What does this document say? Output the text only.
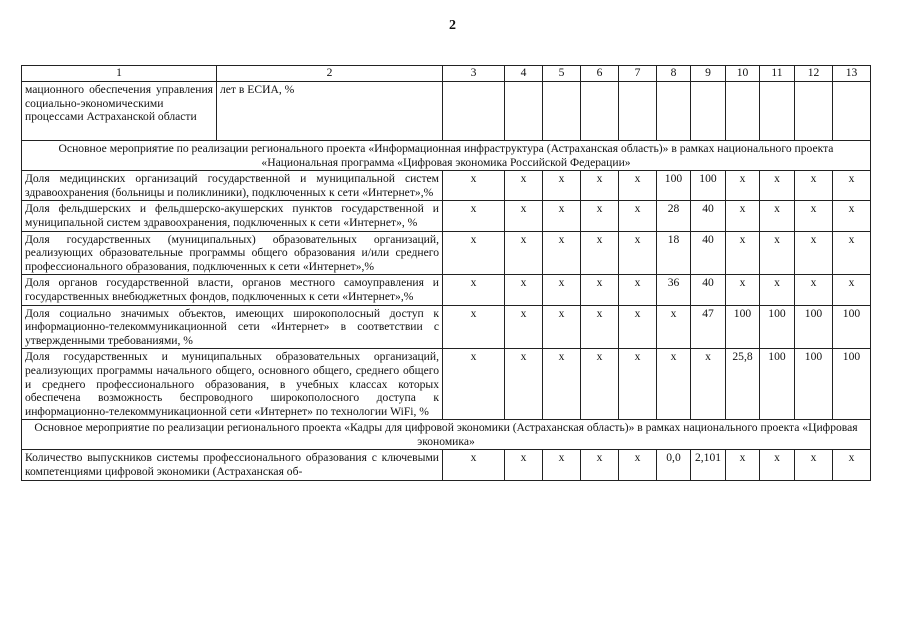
2
1	2	3	4	5	6	7	8	9	10	11	12	13
мационного обеспечения управления социально-экономическими процессами Астраханской области	лет в ЕСИА, %											
Основное мероприятие по реализации регионального проекта «Информационная инфраструктура (Астраханская область)» в рамках национального проекта «Национальная программа «Цифровая экономика Российской Федерации»												
Доля медицинских организаций государственной и муниципальной систем здравоохранения (больницы и поликлиники), подключенных к сети «Интернет»,%		х	х	х	х	х	100	100	х	х	х	х
Доля фельдшерских и фельдшерско-акушерских пунктов государственной и муниципальной систем здравоохранения, подключенных к сети «Интернет», %		х	х	х	х	х	28	40	х	х	х	х
Доля государственных (муниципальных) образовательных организаций, реализующих образовательные программы общего образования и/или среднего профессионального образования, подключенных к сети «Интернет»,%		х	х	х	х	х	18	40	х	х	х	х
Доля органов государственной власти, органов местного самоуправления и государственных внебюджетных фондов, подключенных к сети «Интернет»,%		х	х	х	х	х	36	40	х	х	х	х
Доля социально значимых объектов, имеющих широкополосный доступ к информационно-телекоммуникационной сети «Интернет» в соответствии с утвержденными требованиями, %		х	х	х	х	х	х	47	100	100	100	100
Доля государственных и муниципальных образовательных организаций, реализующих программы начального общего, основного общего, среднего общего и среднего профессионального образования, в учебных классах которых обеспечена возможность беспроводного широкополосного доступа к информационно-телекоммуникационной сети «Интернет» по технологии WiFi, %		х	х	х	х	х	х	х	25,8	100	100	100
Основное мероприятие по реализации регионального проекта «Кадры для цифровой экономики (Астраханская область)» в рамках национального проекта «Цифровая экономика»												
Количество выпускников системы профессионального образования с ключевыми компетенциями цифровой экономики (Астраханская об-		х	х	х	х	х	0,0	2,101	х	х	х	х
